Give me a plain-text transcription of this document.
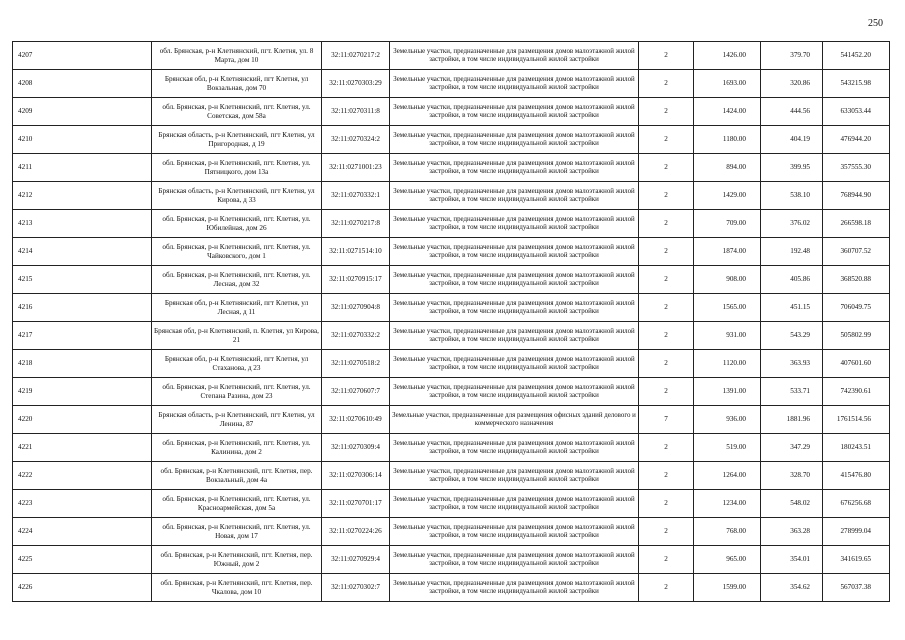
250
4207	обл. Брянская, р-н Клетнянский, пгт. Клетня, ул. 8 Марта, дом 10	32:11:0270217:2	Земельные участки, предназначенные для размещения домов малоэтажной жилой застройки, в том числе индивидуальной жилой застройки	2	1426.00	379.70	541452.20
4208	Брянская обл, р-н Клетнянский, пгт Клетня, ул Вокзальная, дом 70	32:11:0270303:29	Земельные участки, предназначенные для размещения домов малоэтажной жилой застройки, в том числе индивидуальной жилой застройки	2	1693.00	320.86	543215.98
4209	обл. Брянская, р-н Клетнянский, пгт. Клетня, ул. Советская, дом 58а	32:11:0270311:8	Земельные участки, предназначенные для размещения домов малоэтажной жилой застройки, в том числе индивидуальной жилой застройки	2	1424.00	444.56	633053.44
4210	Брянская область, р-н Клетнянский, пгт Клетня, ул Пригородная, д 19	32:11:0270324:2	Земельные участки, предназначенные для размещения домов малоэтажной жилой застройки, в том числе индивидуальной жилой застройки	2	1180.00	404.19	476944.20
4211	обл. Брянская, р-н Клетнянский, пгт. Клетня, ул. Пятницкого, дом 13а	32:11:0271001:23	Земельные участки, предназначенные для размещения домов малоэтажной жилой застройки, в том числе индивидуальной жилой застройки	2	894.00	399.95	357555.30
4212	Брянская область, р-н Клетнянский, пгт Клетня, ул Кирова, д 33	32:11:0270332:1	Земельные участки, предназначенные для размещения домов малоэтажной жилой застройки, в том числе индивидуальной жилой застройки	2	1429.00	538.10	768944.90
4213	обл. Брянская, р-н Клетнянский, пгт. Клетня, ул. Юбилейная, дом 26	32:11:0270217:8	Земельные участки, предназначенные для размещения домов малоэтажной жилой застройки, в том числе индивидуальной жилой застройки	2	709.00	376.02	266598.18
4214	обл. Брянская, р-н Клетнянский, пгт. Клетня, ул. Чайковского, дом 1	32:11:0271514:10	Земельные участки, предназначенные для размещения домов малоэтажной жилой застройки, в том числе индивидуальной жилой застройки	2	1874.00	192.48	360707.52
4215	обл. Брянская, р-н Клетнянский, пгт. Клетня, ул. Лесная, дом 32	32:11:0270915:17	Земельные участки, предназначенные для размещения домов малоэтажной жилой застройки, в том числе индивидуальной жилой застройки	2	908.00	405.86	368520.88
4216	Брянская обл, р-н Клетнянский, пгт Клетня, ул Лесная, д 11	32:11:0270904:8	Земельные участки, предназначенные для размещения домов малоэтажной жилой застройки, в том числе индивидуальной жилой застройки	2	1565.00	451.15	706049.75
4217	Брянская обл, р-н Клетнянский, п. Клетня, ул Кирова, 21	32:11:0270332:2	Земельные участки, предназначенные для размещения домов малоэтажной жилой застройки, в том числе индивидуальной жилой застройки	2	931.00	543.29	505802.99
4218	Брянская обл, р-н Клетнянский, пгт Клетня, ул Стаханова, д 23	32:11:0270518:2	Земельные участки, предназначенные для размещения домов малоэтажной жилой застройки, в том числе индивидуальной жилой застройки	2	1120.00	363.93	407601.60
4219	обл. Брянская, р-н Клетнянский, пгт. Клетня, ул. Степана Разина, дом 23	32:11:0270607:7	Земельные участки, предназначенные для размещения домов малоэтажной жилой застройки, в том числе индивидуальной жилой застройки	2	1391.00	533.71	742390.61
4220	Брянская область, р-н Клетнянский, пгт Клетня, ул Ленина, 87	32:11:0270610:49	Земельные участки, предназначенные для размещения офисных зданий делового и коммерческого назначения	7	936.00	1881.96	1761514.56
4221	обл. Брянская, р-н Клетнянский, пгт. Клетня, ул. Калинина, дом 2	32:11:0270309:4	Земельные участки, предназначенные для размещения домов малоэтажной жилой застройки, в том числе индивидуальной жилой застройки	2	519.00	347.29	180243.51
4222	обл. Брянская, р-н Клетнянский, пгт. Клетня, пер. Вокзальный, дом 4а	32:11:0270306:14	Земельные участки, предназначенные для размещения домов малоэтажной жилой застройки, в том числе индивидуальной жилой застройки	2	1264.00	328.70	415476.80
4223	обл. Брянская, р-н Клетнянский, пгт. Клетня, ул. Красноармейская, дом 5а	32:11:0270701:17	Земельные участки, предназначенные для размещения домов малоэтажной жилой застройки, в том числе индивидуальной жилой застройки	2	1234.00	548.02	676256.68
4224	обл. Брянская, р-н Клетнянский, пгт. Клетня, ул. Новая, дом 17	32:11:0270224:26	Земельные участки, предназначенные для размещения домов малоэтажной жилой застройки, в том числе индивидуальной жилой застройки	2	768.00	363.28	278999.04
4225	обл. Брянская, р-н Клетнянский, пгт. Клетня, пер. Южный, дом 2	32:11:0270929:4	Земельные участки, предназначенные для размещения домов малоэтажной жилой застройки, в том числе индивидуальной жилой застройки	2	965.00	354.01	341619.65
4226	обл. Брянская, р-н Клетнянский, пгт. Клетня, пер. Чкалова, дом 10	32:11:0270302:7	Земельные участки, предназначенные для размещения домов малоэтажной жилой застройки, в том числе индивидуальной жилой застройки	2	1599.00	354.62	567037.38
